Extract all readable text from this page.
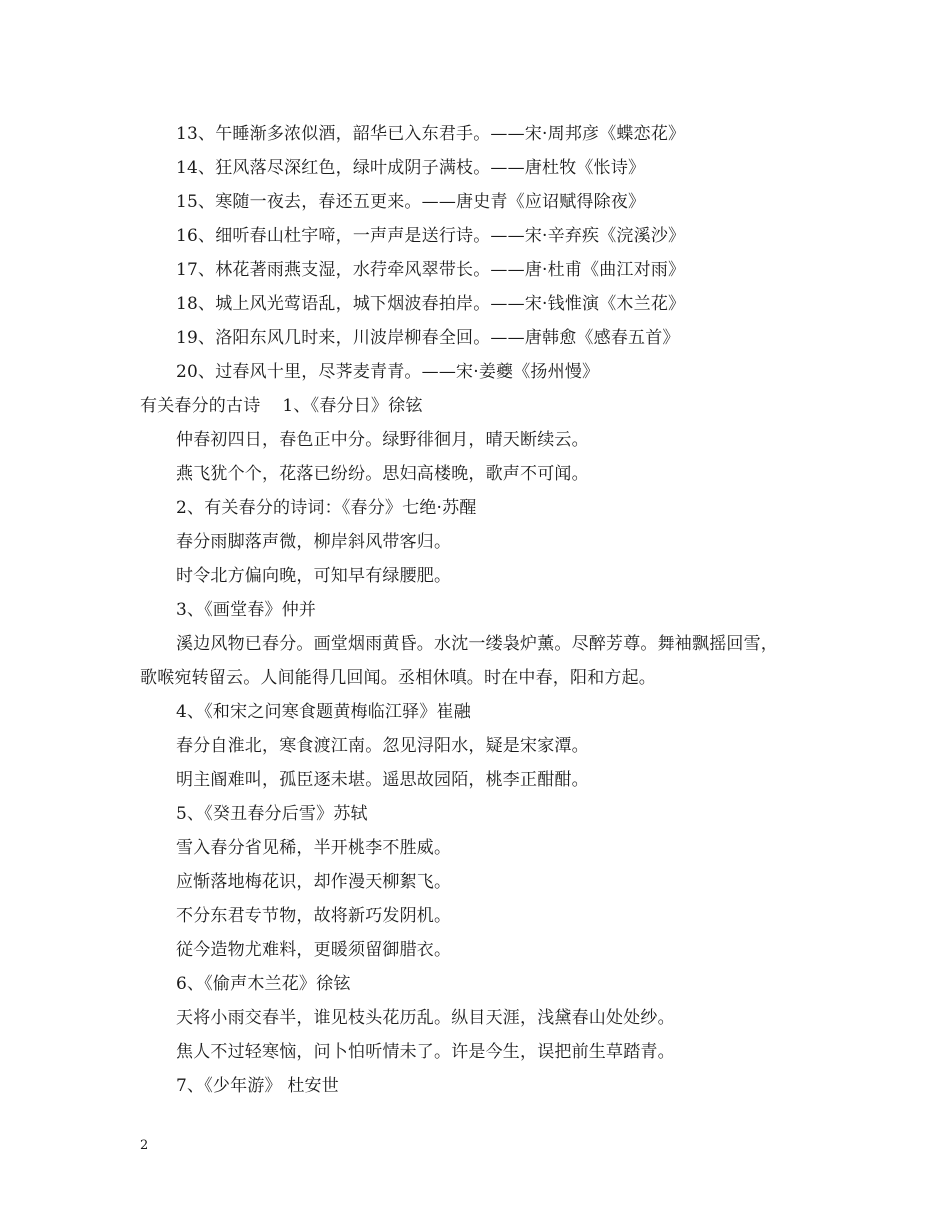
13、午睡渐多浓似酒，韶华已入东君手。——宋·周邦彦《蝶恋花》
14、狂风落尽深红色，绿叶成阴子满枝。——唐杜牧《怅诗》
15、寒随一夜去，春还五更来。——唐史青《应诏赋得除夜》
16、细听春山杜宇啼，一声声是送行诗。——宋·辛弃疾《浣溪沙》
17、林花著雨燕支湿，水荇牵风翠带长。——唐·杜甫《曲江对雨》
18、城上风光莺语乱，城下烟波春拍岸。——宋·钱惟演《木兰花》
19、洛阳东风几时来，川波岸柳春全回。——唐韩愈《感春五首》
20、过春风十里，尽荠麦青青。——宋·姜夔《扬州慢》
有关春分的古诗 1、《春分日》徐铉
仲春初四日，春色正中分。绿野徘徊月，晴天断续云。
燕飞犹个个，花落已纷纷。思妇高楼晚，歌声不可闻。
2、有关春分的诗词：《春分》七绝·苏醒
春分雨脚落声微，柳岸斜风带客归。
时令北方偏向晚，可知早有绿腰肥。
3、《画堂春》仲并
溪边风物已春分。画堂烟雨黄昏。水沈一缕袅炉薰。尽醉芳尊。舞袖飘摇回雪，
歌喉宛转留云。人间能得几回闻。丞相休嗔。时在中春，阳和方起。
4、《和宋之问寒食题黄梅临江驿》崔融
春分自淮北，寒食渡江南。忽见浔阳水，疑是宋家潭。
明主阍难叫，孤臣逐未堪。遥思故园陌，桃李正酣酣。
5、《癸丑春分后雪》苏轼
雪入春分省见稀，半开桃李不胜威。
应惭落地梅花识，却作漫天柳絮飞。
不分东君专节物，故将新巧发阴机。
従今造物尤难料，更暖须留御腊衣。
6、《偷声木兰花》徐铉
天将小雨交春半，谁见枝头花历乱。纵目天涯，浅黛春山处处纱。
焦人不过轻寒恼，问卜怕听情未了。许是今生，误把前生草踏青。
7、《少年游》 杜安世
2
